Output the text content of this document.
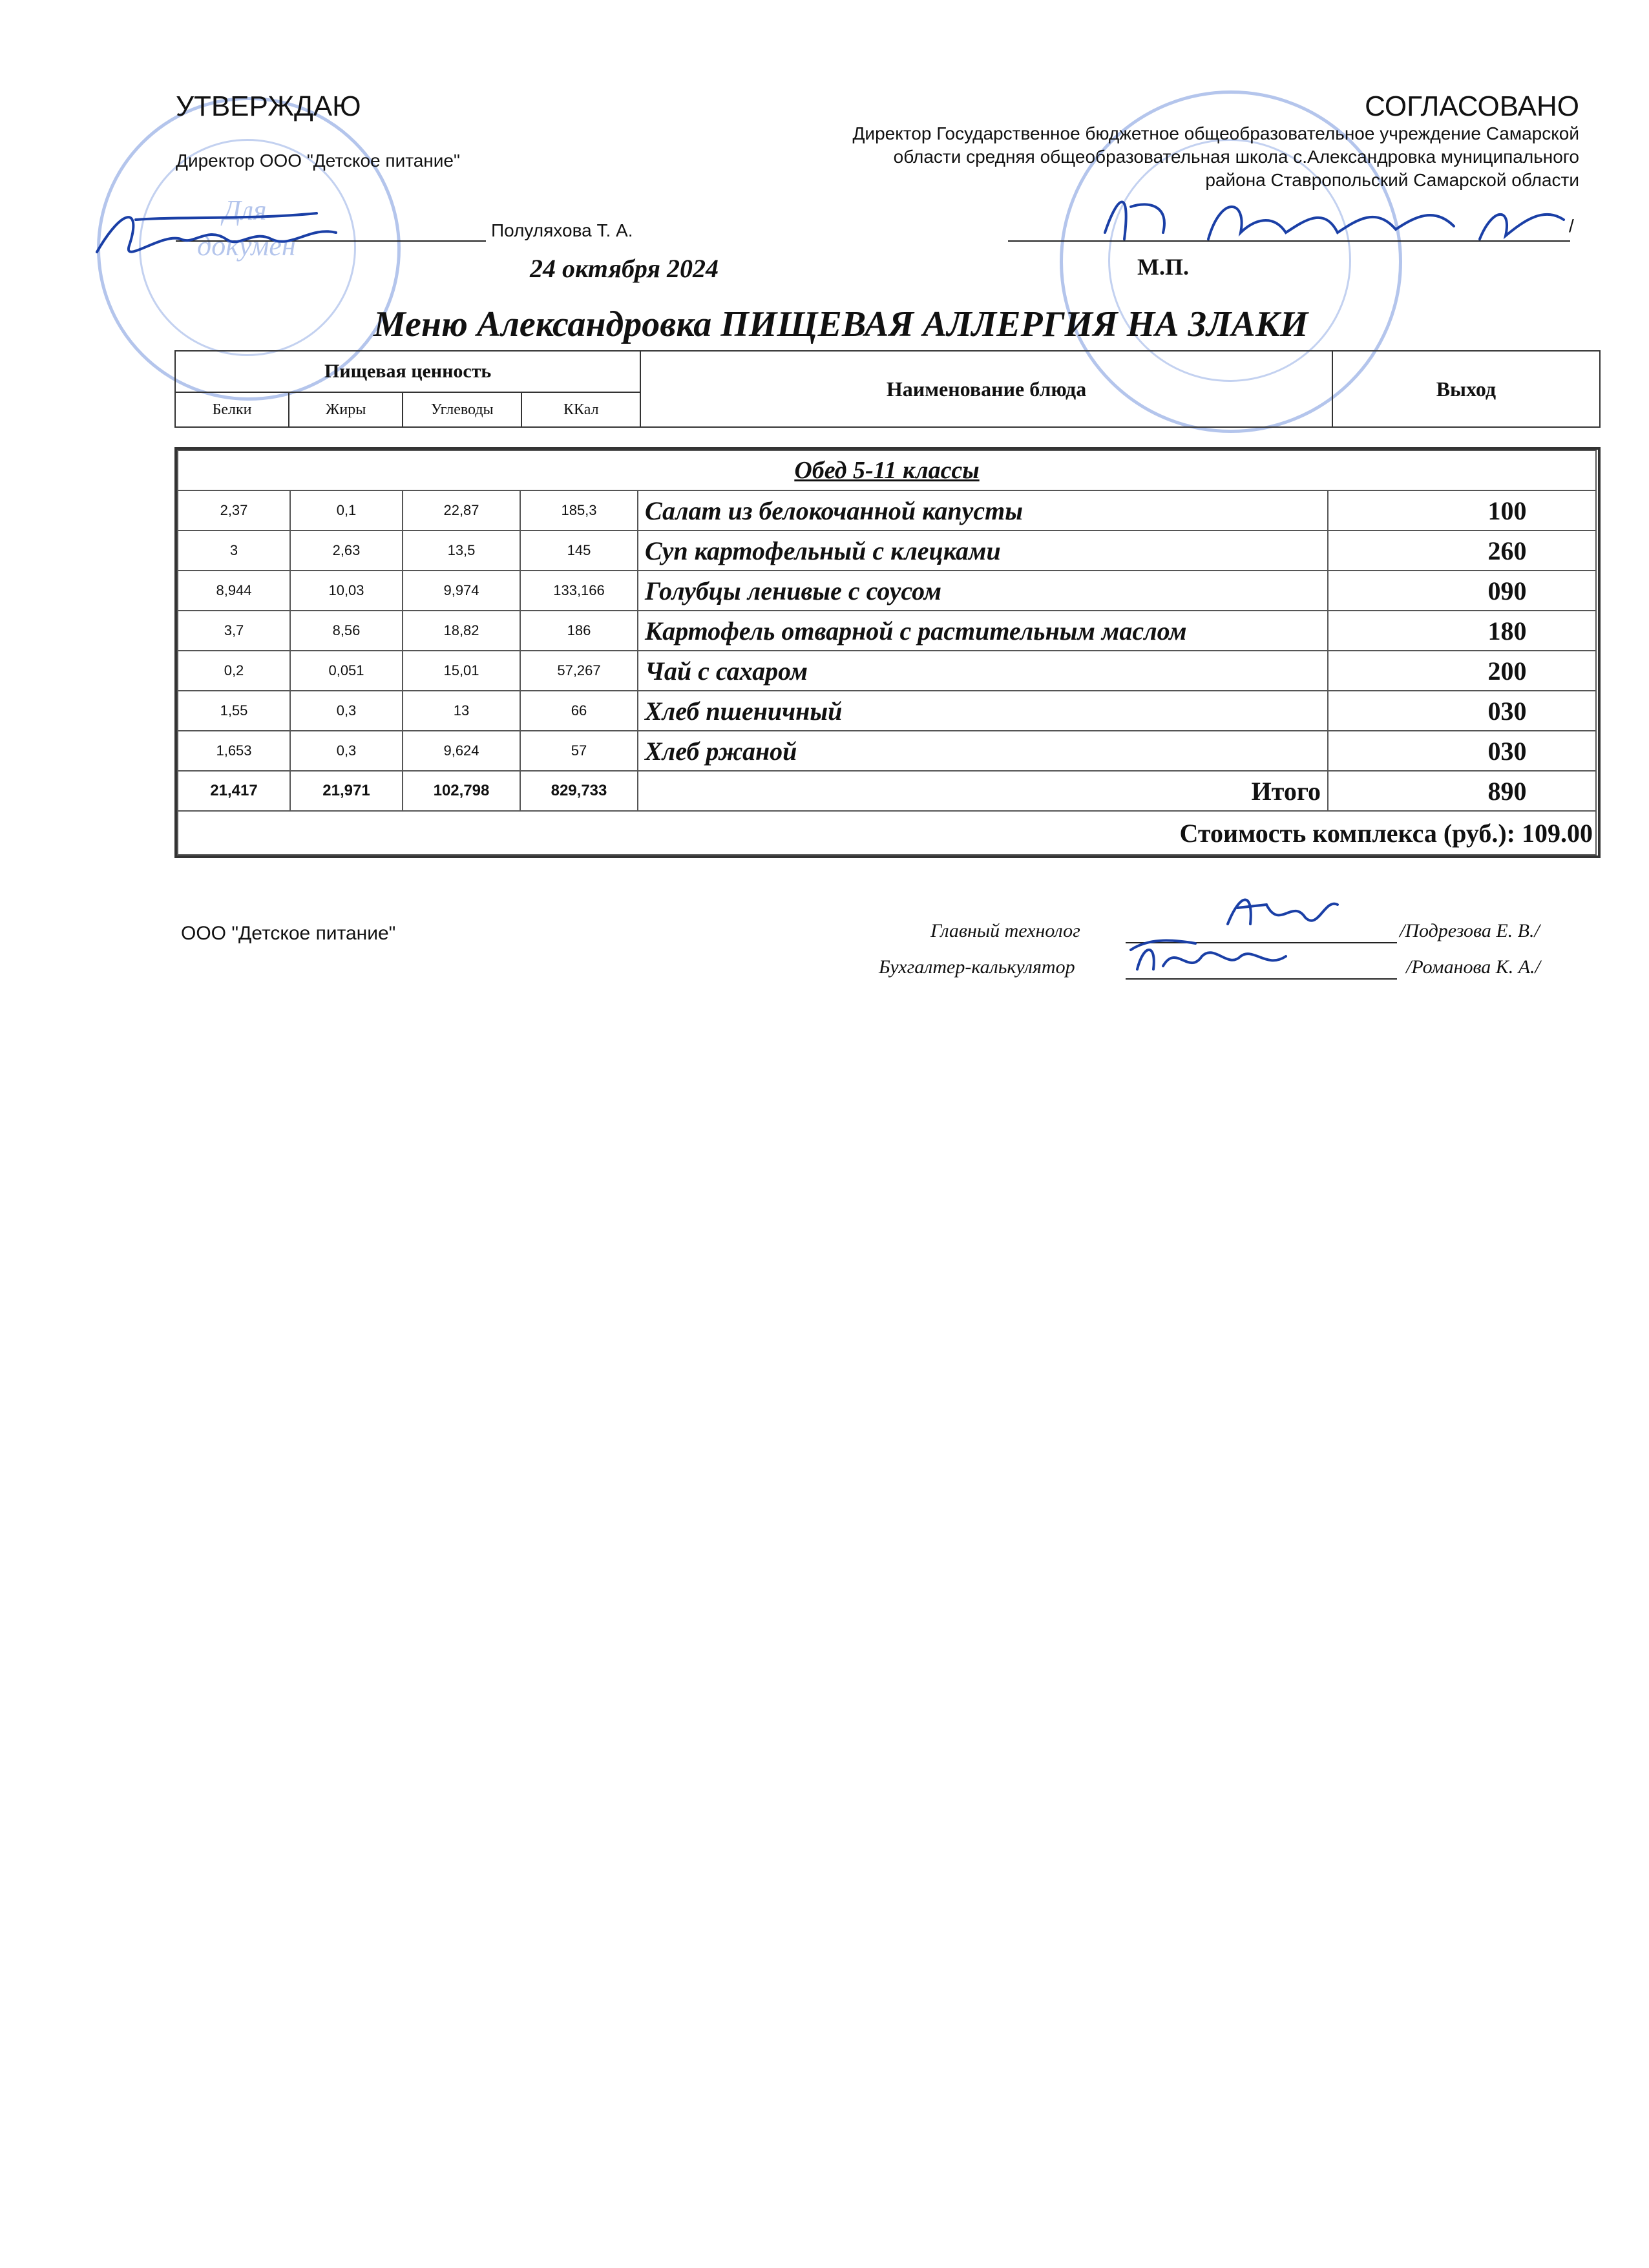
Для
докумен
УТВЕРЖДАЮ
Директор ООО "Детское питание"
Полуляхова Т. А.
24 октября 2024
СОГЛАСОВАНО
Директор Государственное бюджетное общеобразовательное учреждение Самарской
области средняя общеобразовательная школа с.Александровка муниципального
района Ставропольский Самарской области
/
М.П.
Меню Александровка ПИЩЕВАЯ АЛЛЕРГИЯ НА ЗЛАКИ
Пищевая ценность				Наименование блюда	Выход
Белки	Жиры	Углеводы	ККал		
Обед 5-11 классы					
2,37	0,1	22,87	185,3	Салат из белокочанной капусты	100
3	2,63	13,5	145	Суп картофельный с клецками	260
8,944	10,03	9,974	133,166	Голубцы ленивые с соусом	090
3,7	8,56	18,82	186	Картофель отварной с растительным маслом	180
0,2	0,051	15,01	57,267	Чай с сахаром	200
1,55	0,3	13	66	Хлеб пшеничный	030
1,653	0,3	9,624	57	Хлеб ржаной	030
21,417	21,971	102,798	829,733	Итого	890
Стоимость комплекса (руб.): 109.00					
ООО "Детское питание"	Главный технолог	/Подрезова Е. В./
Бухгалтер-калькулятор	/Романова К. А./
